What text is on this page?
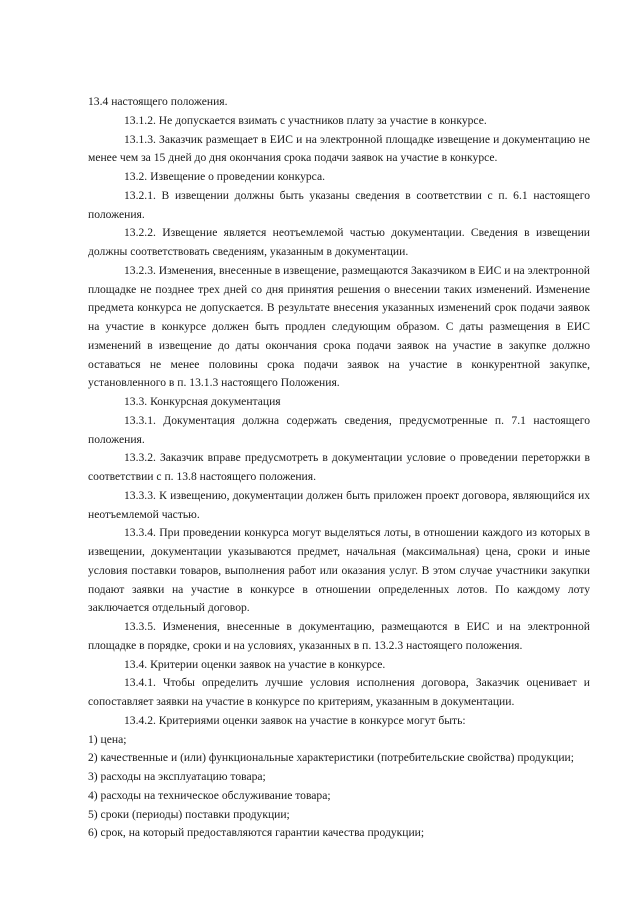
13.4 настоящего положения.

13.1.2. Не допускается взимать с участников плату за участие в конкурсе.

13.1.3. Заказчик размещает в ЕИС и на электронной площадке извещение и документацию не менее чем за 15 дней до дня окончания срока подачи заявок на участие в конкурсе.

13.2. Извещение о проведении конкурса.

13.2.1. В извещении должны быть указаны сведения в соответствии с п. 6.1 настоящего положения.

13.2.2. Извещение является неотъемлемой частью документации. Сведения в извещении должны соответствовать сведениям, указанным в документации.

13.2.3. Изменения, внесенные в извещение, размещаются Заказчиком в ЕИС и на электронной площадке не позднее трех дней со дня принятия решения о внесении таких изменений. Изменение предмета конкурса не допускается. В результате внесения указанных изменений срок подачи заявок на участие в конкурсе должен быть продлен следующим образом. С даты размещения в ЕИС изменений в извещение до даты окончания срока подачи заявок на участие в закупке должно оставаться не менее половины срока подачи заявок на участие в конкурентной закупке, установленного в п. 13.1.3 настоящего Положения.

13.3. Конкурсная документация

13.3.1. Документация должна содержать сведения, предусмотренные п. 7.1 настоящего положения.

13.3.2. Заказчик вправе предусмотреть в документации условие о проведении переторжки в соответствии с п. 13.8 настоящего положения.

13.3.3. К извещению, документации должен быть приложен проект договора, являющийся их неотъемлемой частью.

13.3.4. При проведении конкурса могут выделяться лоты, в отношении каждого из которых в извещении, документации указываются предмет, начальная (максимальная) цена, сроки и иные условия поставки товаров, выполнения работ или оказания услуг. В этом случае участники закупки подают заявки на участие в конкурсе в отношении определенных лотов. По каждому лоту заключается отдельный договор.

13.3.5. Изменения, внесенные в документацию, размещаются в ЕИС и на электронной площадке в порядке, сроки и на условиях, указанных в п. 13.2.3 настоящего положения.

13.4. Критерии оценки заявок на участие в конкурсе.

13.4.1. Чтобы определить лучшие условия исполнения договора, Заказчик оценивает и сопоставляет заявки на участие в конкурсе по критериям, указанным в документации.

13.4.2. Критериями оценки заявок на участие в конкурсе могут быть:

1) цена;

2) качественные и (или) функциональные характеристики (потребительские свойства) продукции;

3) расходы на эксплуатацию товара;

4) расходы на техническое обслуживание товара;

5) сроки (периоды) поставки продукции;

6) срок, на который предоставляются гарантии качества продукции;
